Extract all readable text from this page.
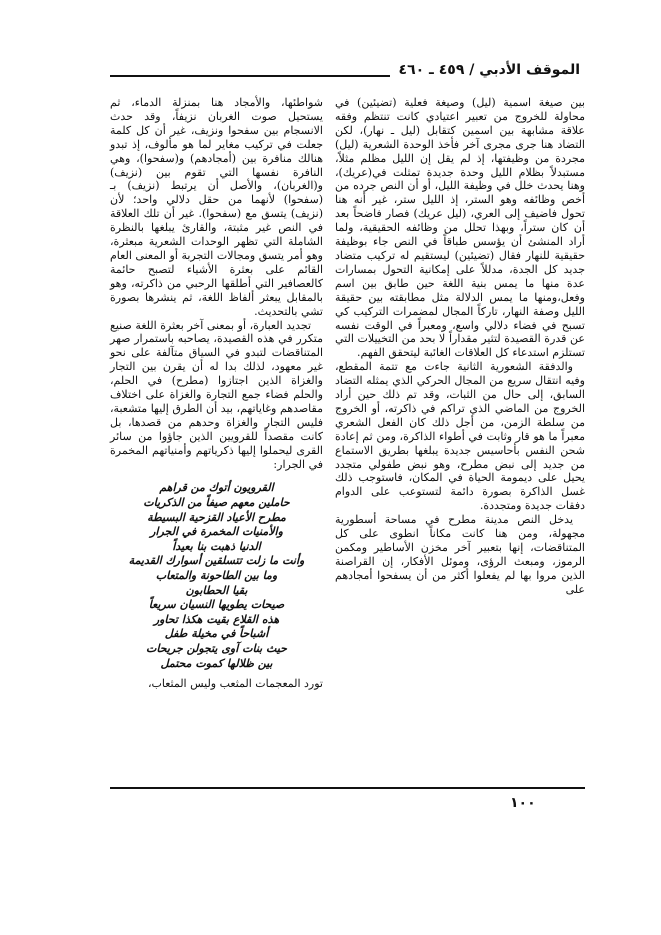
الموقف الأدبي / ٤٥٩ ـ ٤٦٠

بين صيغة اسمية (ليل) وصيغة فعلية (تضيئين) في محاولة للخروج من تعبير اعتيادي كانت تنتظم وفقه علاقة مشابهة بين اسمين كتقابل (ليل ـ نهار)، لكن التضاد هنا جرى مجرى آخر فأخذ الوحدة الشعرية (ليل) مجردة من وظيفتها، إذ لم يقل إن الليل مظلم مثلاً، مستبدلاً بظلام الليل وحدة جديدة تمثلت في(عريك)، وهنا يحدث خلل في وظيفة الليل، أو أن النص جرده من أخص وظائفه وهو الستر، إذ الليل ستر، غير أنه هنا تحول فاضيف إلى العري، (ليل عريك) فصار فاضحاً بعد أن كان ستراً، وبهذا تحلل من وظائفه الحقيقية، ولما أراد المنشئ أن يؤسس طباقاً في النص جاء بوظيفة حقيقية للنهار فقال (تضيئين) ليستقيم له تركيب متضاد جديد كل الجدة، مدللاً على إمكانية التحول بمسارات عدة منها ما يمس بنية اللغة حين طابق بين اسم وفعل،ومنها ما يمس الدلالة مثل مطابقته بين حقيقة الليل وصفة النهار، تاركاً المجال لمضمرات التركيب كي تسبح في فضاء دلالي واسع، ومعبراً في الوقت نفسه عن قدرة القصيدة لتثير مقداراً لا بحد من التخييلات التي تستلزم استدعاء كل العلاقات الغائبة ليتحقق الفهم.

والدفقة الشعورية الثانية جاءت مع تتمة المقطع، وفيه انتقال سريع من المجال الحركي الذي يمثله التضاد السابق، إلى حال من الثبات، وقد تم ذلك حين أراد الخروج من الماضي الذي تراكم في ذاكرته، أو الخروج من سلطة الزمن، من أجل ذلك كان الفعل الشعري معبراً ما هو قار وثابت في أطواء الذاكرة، ومن ثم إعادة شحن النفس بأحاسيس جديدة يبلغها بطريق الاستماع من جديد إلى نبض مطرح، وهو نبض طفولي متجدد يحيل على ديمومة الحياة في المكان، فاستوجب ذلك غسل الذاكرة بصورة دائمة لتستوعب على الدوام دفقات جديدة ومتجددة.

يدخل النص مدينة مطرح في مساحة أسطورية مجهولة، ومن هنا كانت مكاناً انطوى على كل المتناقضات، إنها بتعبير آخر مخزن الأساطير ومكمن الرموز، ومبعث الرؤى، وموئل الأفكار، إن القراصنة الذين مروا بها لم يفعلوا أكثر من أن يسفحوا أمجادهم على

شواطئها، والأمجاد هنا بمنزلة الدماء، ثم يستحيل صوت الغربان نزيفاً، وقد حدث الانسجام بين سفحوا ونزيف، غير أن كل كلمة جعلت في تركيب مغاير لما هو مألوف، إذ تبدو هنالك منافرة بين (أمجادهم) و(سفحوا)، وهي النافرة نفسها التي تقوم بين (نزيف) و(الغربان)، والأصل أن يرتبط (نزيف) بـ (سفحوا) لأنهما من حقل دلالي واحد؛ لأن (نزيف) يتسق مع (سفحوا). غير أن تلك العلاقة في النص غير مثبتة، والقارئ يبلغها بالنظرة الشاملة التي تظهر الوحدات الشعرية مبعثرة، وهو أمر يتسق ومجالات التجربة أو المعنى العام القائم على بعثرة الأشياء لتصبح حائمة كالعصافير التي أطلقها الرحبي من ذاكرته، وهو بالمقابل يبعثر ألفاظ اللغة، ثم ينشرها بصورة تشي بالتحديث.

تجديد العبارة، أو بمعنى آخر بعثرة اللغة صنيع متكرر في هذه القصيدة، يصاحبه باستمرار صهر المتناقضات لتبدو في السياق متآلفة على نحو غير معهود، لذلك بدا له أن يقرن بين التجار والغزاة الذين اجتازوا (مطرح) في الحلم، والحلم فضاء جمع التجارة والغزاة على اختلاف مقاصدهم وغاياتهم، بيد أن الطرق إليها متشعبة، فليس التجار والغزاة وحدهم من قصدها، بل كانت مقصداً للقرويين الذين جاؤوا من سائر القرى ليحملوا إليها ذكرياتهم وأمنياتهم المخمرة في الجرار:

القرويون أتوك من قراهم
حاملين معهم صيفاً من الذكريات
مطرح الأعياد القزحية البسيطة
والأمنيات المخمرة في الجرار
الدنيا ذهبت بنا بعيداً
وأنت ما زلت تتسلقين أسوارك القديمة
وما بين الطاحونة والمتعاب
بقيا الحطابون
صيحات يطويها النسيان سريعاً
هذه القلاع بقيت هكذا تحاور
أشباحاً في مخيلة طفل
حيث بنات آوى يتجولن جريحات
بين ظلالها كموت محتمل

تورد المعجمات المثعب وليس المثعاب،

١٠٠
